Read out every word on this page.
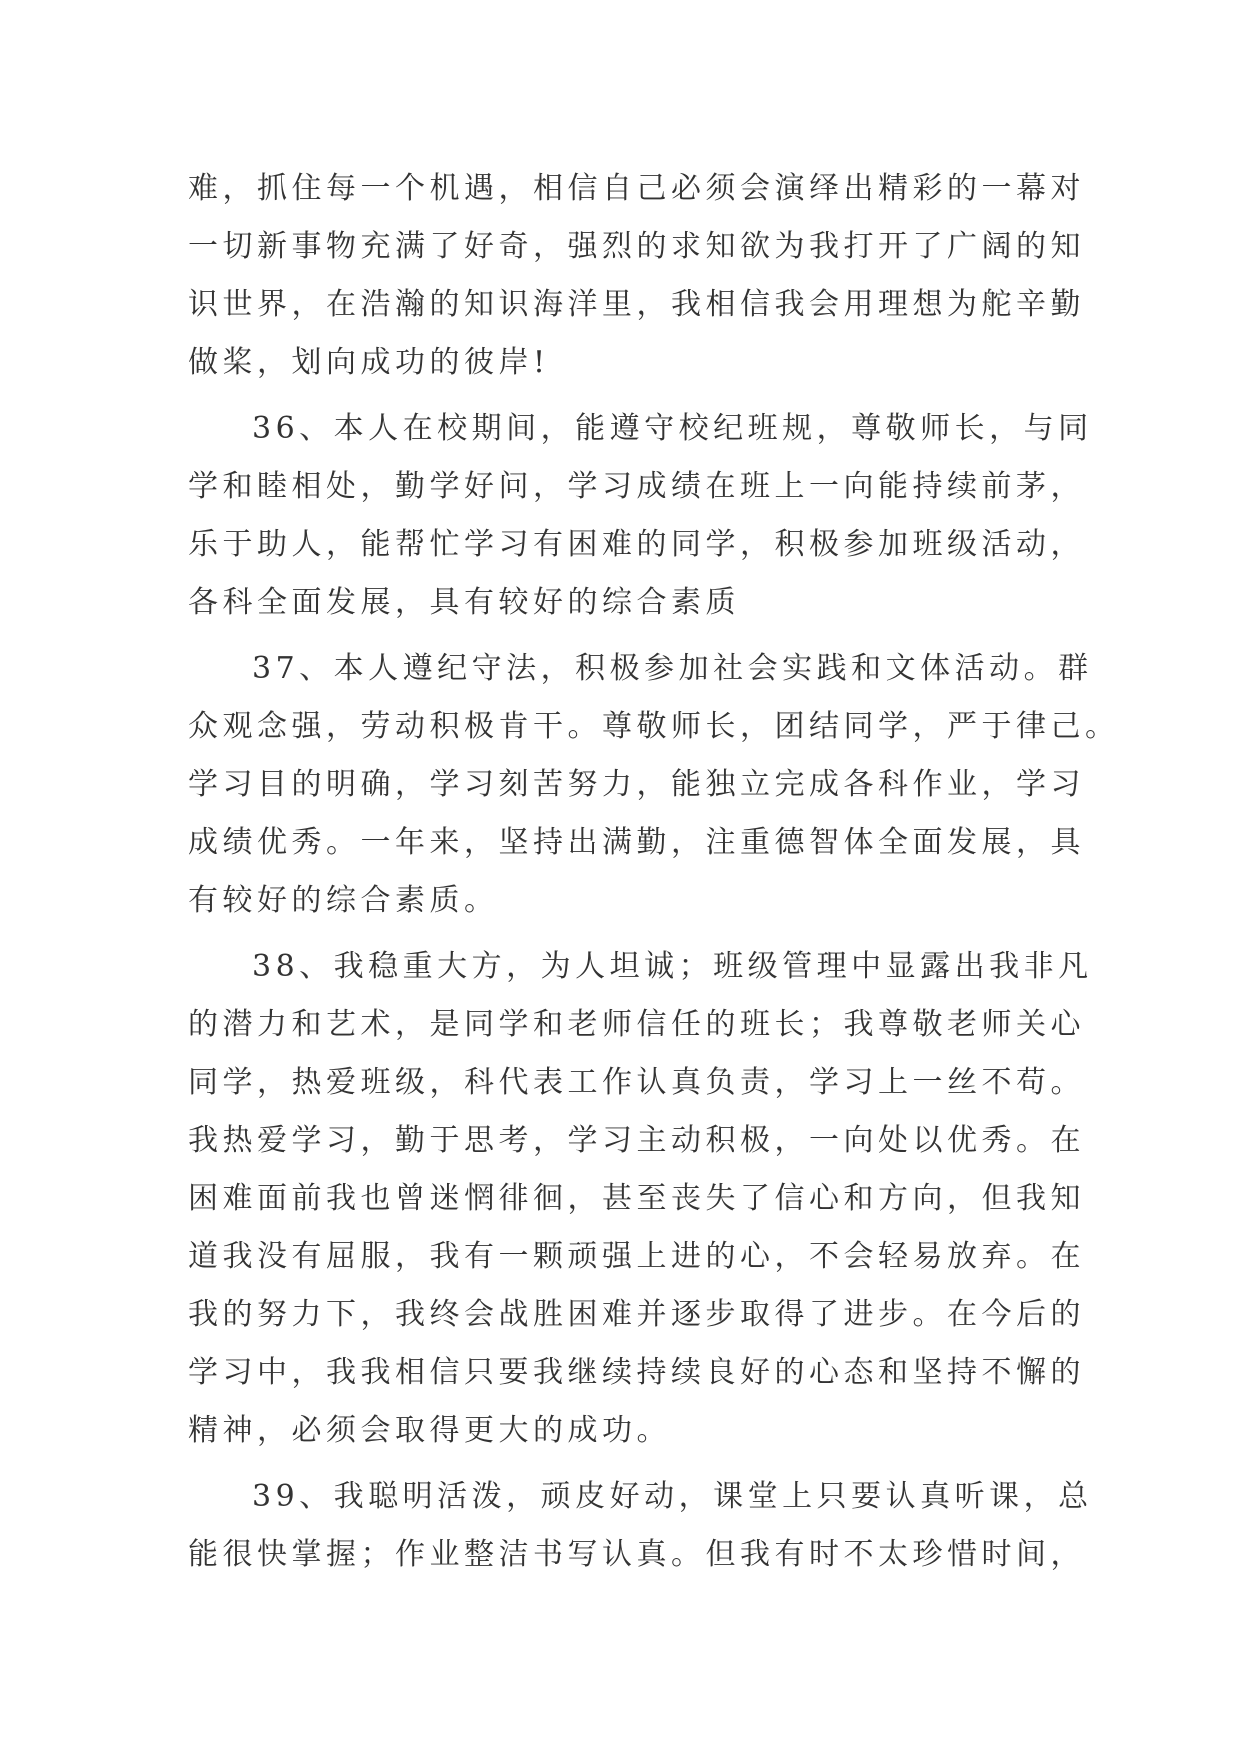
难，抓住每一个机遇，相信自己必须会演绎出精彩的一幕对
一切新事物充满了好奇，强烈的求知欲为我打开了广阔的知
识世界，在浩瀚的知识海洋里，我相信我会用理想为舵辛勤
做桨，划向成功的彼岸!
36、本人在校期间，能遵守校纪班规，尊敬师长，与同
学和睦相处，勤学好问，学习成绩在班上一向能持续前茅，
乐于助人，能帮忙学习有困难的同学，积极参加班级活动，
各科全面发展，具有较好的综合素质
37、本人遵纪守法，积极参加社会实践和文体活动。群
众观念强，劳动积极肯干。尊敬师长，团结同学，严于律己。
学习目的明确，学习刻苦努力，能独立完成各科作业，学习
成绩优秀。一年来，坚持出满勤，注重德智体全面发展，具
有较好的综合素质。
38、我稳重大方，为人坦诚；班级管理中显露出我非凡
的潜力和艺术，是同学和老师信任的班长；我尊敬老师关心
同学，热爱班级，科代表工作认真负责，学习上一丝不苟。
我热爱学习，勤于思考，学习主动积极，一向处以优秀。在
困难面前我也曾迷惘徘徊，甚至丧失了信心和方向，但我知
道我没有屈服，我有一颗顽强上进的心，不会轻易放弃。在
我的努力下，我终会战胜困难并逐步取得了进步。在今后的
学习中，我我相信只要我继续持续良好的心态和坚持不懈的
精神，必须会取得更大的成功。
39、我聪明活泼，顽皮好动，课堂上只要认真听课，总
能很快掌握；作业整洁书写认真。但我有时不太珍惜时间，
